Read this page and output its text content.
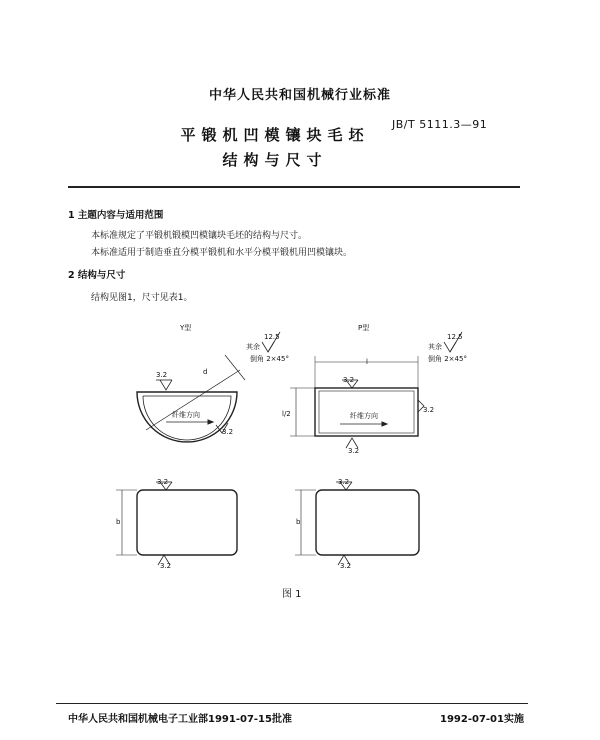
中华人民共和国机械行业标准
平锻机凹模镶块毛坯
结构与尺寸
JB/T 5111.3—91
1 主题内容与适用范围
本标准规定了平锻机锻模凹模镶块毛坯的结构与尺寸。
本标准适用于制造垂直分模平锻机和水平分模平锻机用凹模镶块。
2 结构与尺寸
结构见图1，尺寸见表1。
Y型	P型
其余
12.5
倒角 2×45°
其余
12.5
倒角 2×45°
3.2
3.2
d
纤维方向
l
3.2
3.2
3.2
l/2	纤维方向
3.2
3.2
b
3.2
3.2
b
图 1
中华人民共和国机械电子工业部1991-07-15批准	1992-07-01实施
